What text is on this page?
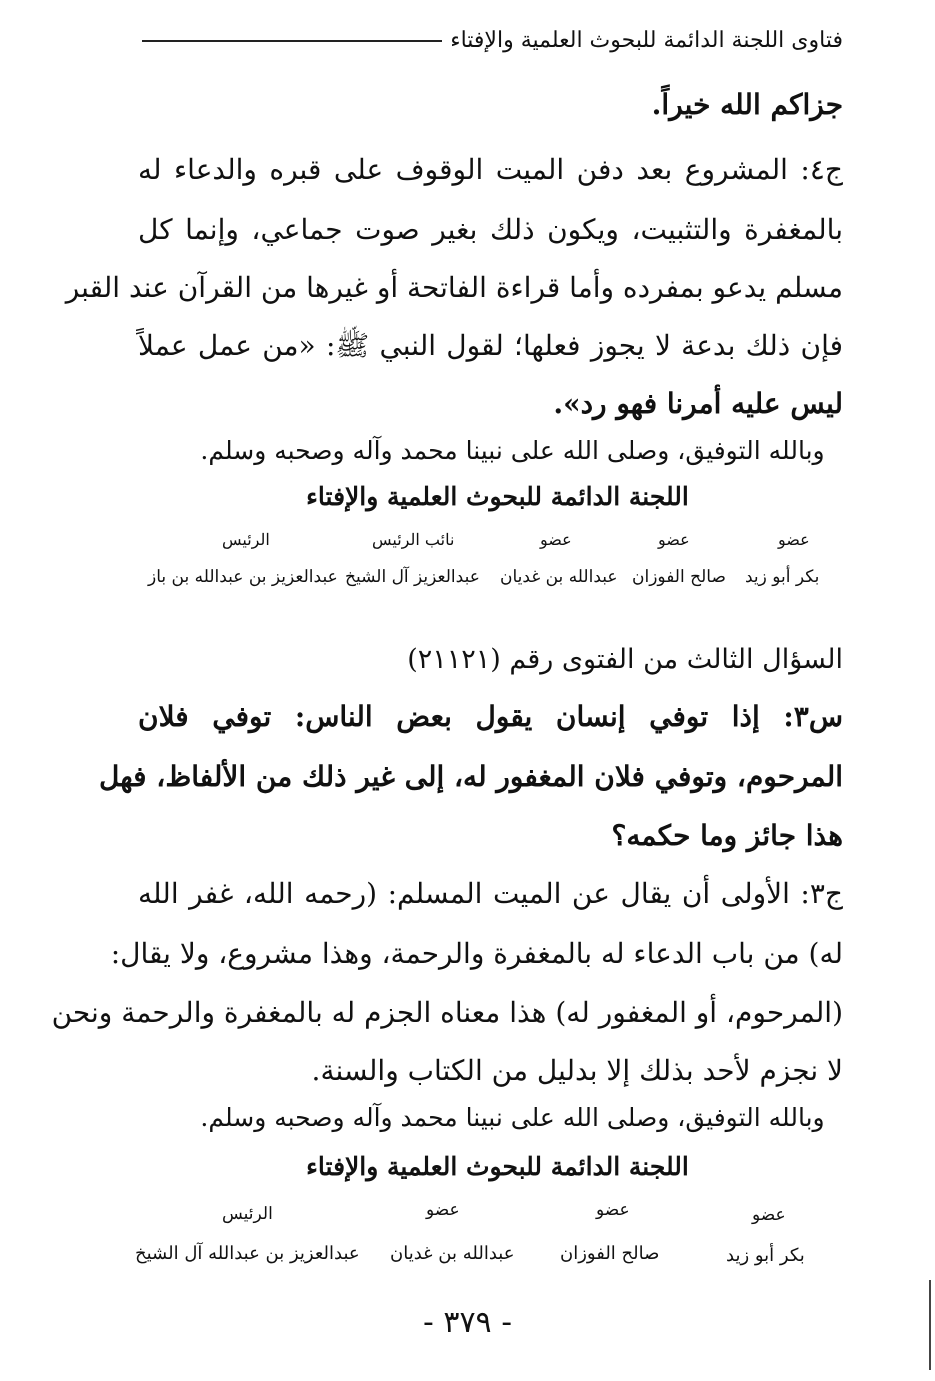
فتاوى اللجنة الدائمة للبحوث العلمية والإفتاء
جزاكم الله خيراً.
ج٤: المشروع بعد دفن الميت الوقوف على قبره والدعاء له
بالمغفرة والتثبيت، ويكون ذلك بغير صوت جماعي، وإنما كل
مسلم يدعو بمفرده وأما قراءة الفاتحة أو غيرها من القرآن عند القبر
فإن ذلك بدعة لا يجوز فعلها؛ لقول النبي ﷺ: «من عمل عملاً
ليس عليه أمرنا فهو رد».
وبالله التوفيق، وصلى الله على نبينا محمد وآله وصحبه وسلم.
اللجنة الدائمة للبحوث العلمية والإفتاء
عضو
عضو
عضو
نائب الرئيس
الرئيس
بكر أبو زيد
صالح الفوزان
عبدالله بن غديان
عبدالعزيز آل الشيخ
عبدالعزيز بن عبدالله بن باز
السؤال الثالث من الفتوى رقم (٢١١٢١)
س٣: إذا توفي إنسان يقول بعض الناس: توفي فلان
المرحوم، وتوفي فلان المغفور له، إلى غير ذلك من الألفاظ، فهل
هذا جائز وما حكمه؟
ج٣: الأولى أن يقال عن الميت المسلم: (رحمه الله، غفر الله
له) من باب الدعاء له بالمغفرة والرحمة، وهذا مشروع، ولا يقال:
(المرحوم، أو المغفور له) هذا معناه الجزم له بالمغفرة والرحمة ونحن
لا نجزم لأحد بذلك إلا بدليل من الكتاب والسنة.
وبالله التوفيق، وصلى الله على نبينا محمد وآله وصحبه وسلم.
اللجنة الدائمة للبحوث العلمية والإفتاء
عضو
عضو
عضو
الرئيس
بكر أبو زيد
صالح الفوزان
عبدالله بن غديان
عبدالعزيز بن عبدالله آل الشيخ
- ٣٧٩ -
